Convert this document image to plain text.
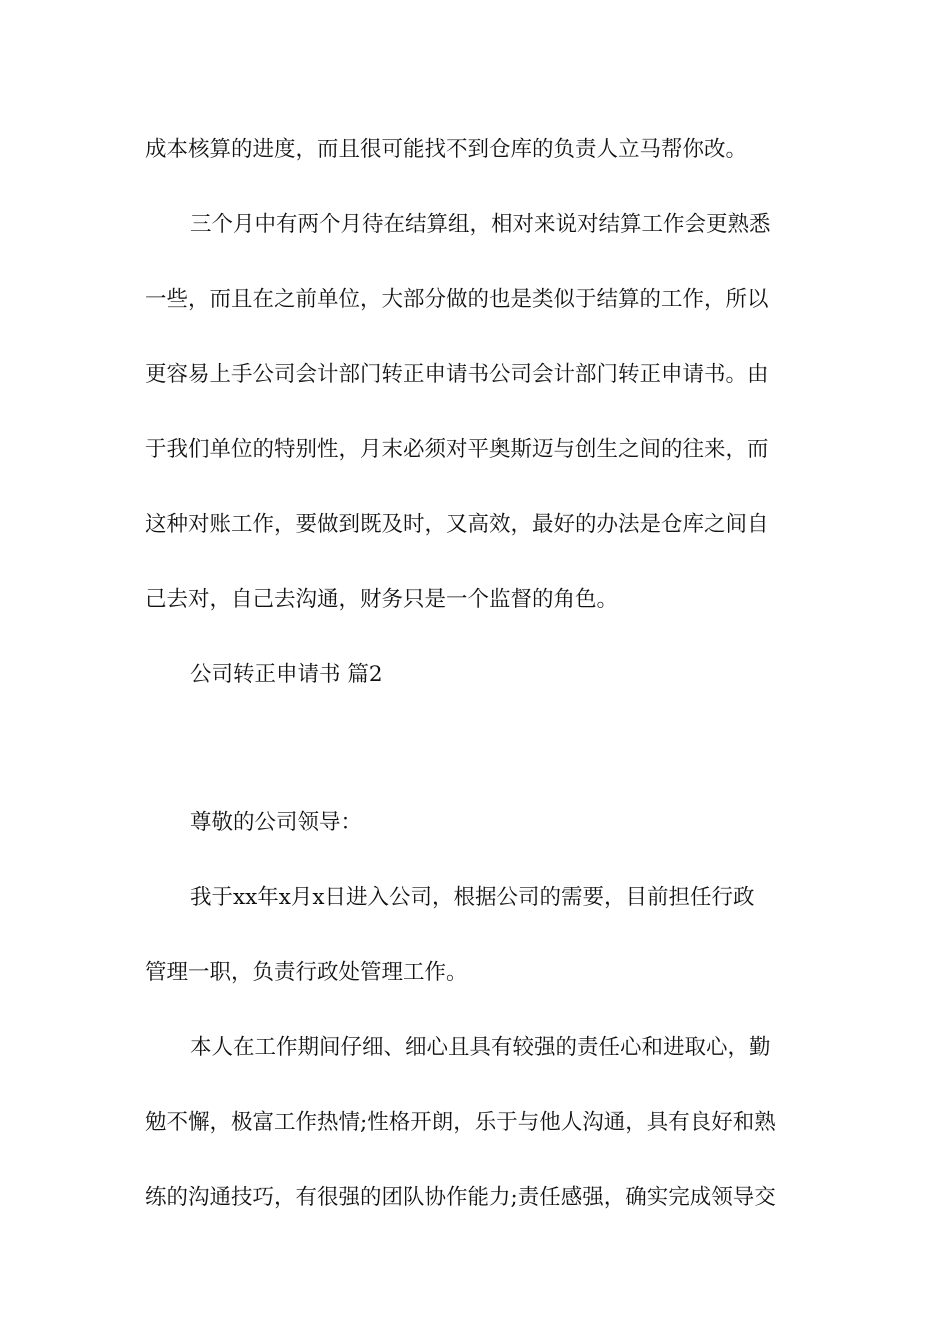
成本核算的进度，而且很可能找不到仓库的负责人立马帮你改。
三个月中有两个月待在结算组，相对来说对结算工作会更熟悉
一些，而且在之前单位，大部分做的也是类似于结算的工作，所以
更容易上手公司会计部门转正申请书公司会计部门转正申请书。由
于我们单位的特别性，月末必须对平奥斯迈与创生之间的往来，而
这种对账工作，要做到既及时，又高效，最好的办法是仓库之间自
己去对，自己去沟通，财务只是一个监督的角色。
公司转正申请书 篇2
尊敬的公司领导：
我于xx年x月x日进入公司，根据公司的需要，目前担任行政
管理一职，负责行政处管理工作。
本人在工作期间仔细、细心且具有较强的责任心和进取心，勤
勉不懈，极富工作热情;性格开朗，乐于与他人沟通，具有良好和熟
练的沟通技巧，有很强的团队协作能力;责任感强，确实完成领导交
